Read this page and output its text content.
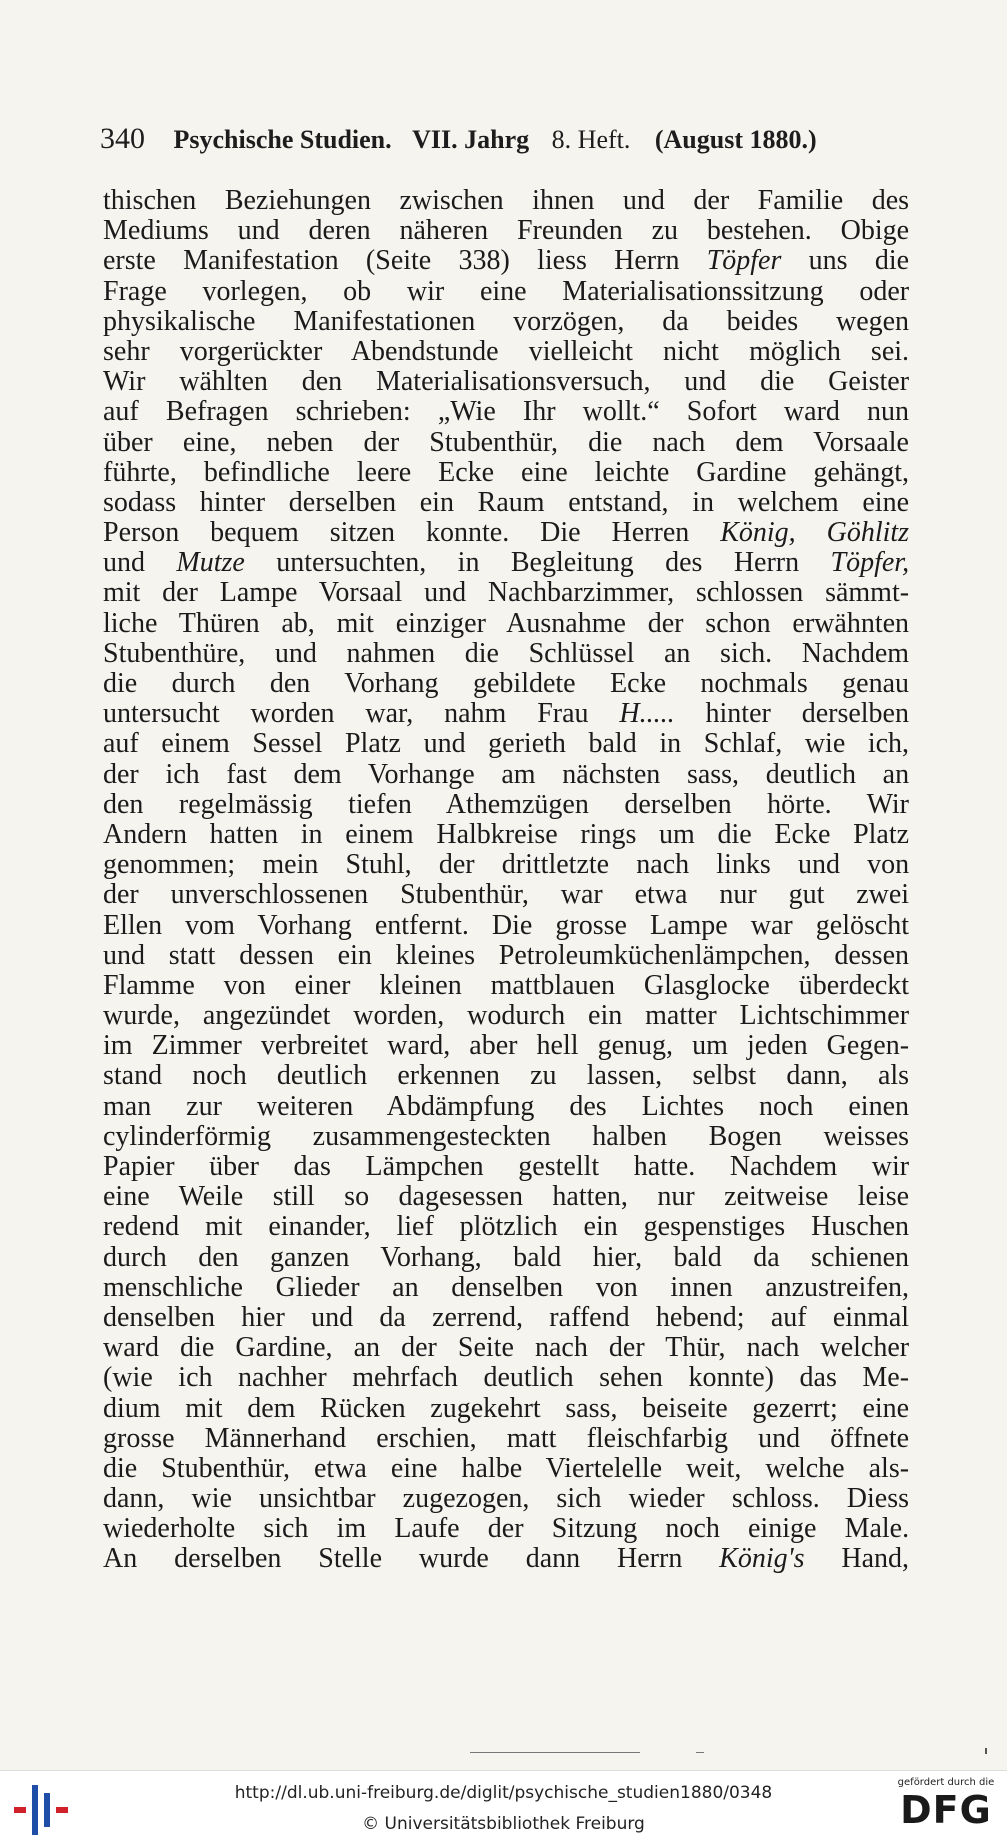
340 Psychische Studien. VII. Jahrg 8. Heft. (August 1880.)
thischen Beziehungen zwischen ihnen und der Familie des
Mediums und deren näheren Freunden zu bestehen. Obige
erste Manifestation (Seite 338) liess Herrn Töpfer uns die
Frage vorlegen, ob wir eine Materialisationssitzung oder
physikalische Manifestationen vorzögen, da beides wegen
sehr vorgerückter Abendstunde vielleicht nicht möglich sei.
Wir wählten den Materialisationsversuch, und die Geister
auf Befragen schrieben: „Wie Ihr wollt.“ Sofort ward nun
über eine, neben der Stubenthür, die nach dem Vorsaale
führte, befindliche leere Ecke eine leichte Gardine gehängt,
sodass hinter derselben ein Raum entstand, in welchem eine
Person bequem sitzen konnte. Die Herren König, Göhlitz
und Mutze untersuchten, in Begleitung des Herrn Töpfer,
mit der Lampe Vorsaal und Nachbarzimmer, schlossen sämmt-
liche Thüren ab, mit einziger Ausnahme der schon erwähnten
Stubenthüre, und nahmen die Schlüssel an sich. Nachdem
die durch den Vorhang gebildete Ecke nochmals genau
untersucht worden war, nahm Frau H..... hinter derselben
auf einem Sessel Platz und gerieth bald in Schlaf, wie ich,
der ich fast dem Vorhange am nächsten sass, deutlich an
den regelmässig tiefen Athemzügen derselben hörte. Wir
Andern hatten in einem Halbkreise rings um die Ecke Platz
genommen; mein Stuhl, der drittletzte nach links und von
der unverschlossenen Stubenthür, war etwa nur gut zwei
Ellen vom Vorhang entfernt. Die grosse Lampe war gelöscht
und statt dessen ein kleines Petroleumküchenlämpchen, dessen
Flamme von einer kleinen mattblauen Glasglocke überdeckt
wurde, angezündet worden, wodurch ein matter Lichtschimmer
im Zimmer verbreitet ward, aber hell genug, um jeden Gegen-
stand noch deutlich erkennen zu lassen, selbst dann, als
man zur weiteren Abdämpfung des Lichtes noch einen
cylinderförmig zusammengesteckten halben Bogen weisses
Papier über das Lämpchen gestellt hatte. Nachdem wir
eine Weile still so dagesessen hatten, nur zeitweise leise
redend mit einander, lief plötzlich ein gespenstiges Huschen
durch den ganzen Vorhang, bald hier, bald da schienen
menschliche Glieder an denselben von innen anzustreifen,
denselben hier und da zerrend, raffend hebend; auf einmal
ward die Gardine, an der Seite nach der Thür, nach welcher
(wie ich nachher mehrfach deutlich sehen konnte) das Me-
dium mit dem Rücken zugekehrt sass, beiseite gezerrt; eine
grosse Männerhand erschien, matt fleischfarbig und öffnete
die Stubenthür, etwa eine halbe Viertelelle weit, welche als-
dann, wie unsichtbar zugezogen, sich wieder schloss. Diess
wiederholte sich im Laufe der Sitzung noch einige Male.
An derselben Stelle wurde dann Herrn König's Hand,
http://dl.ub.uni-freiburg.de/diglit/psychische_studien1880/0348
© Universitätsbibliothek Freiburg
gefördert durch die
DFG
